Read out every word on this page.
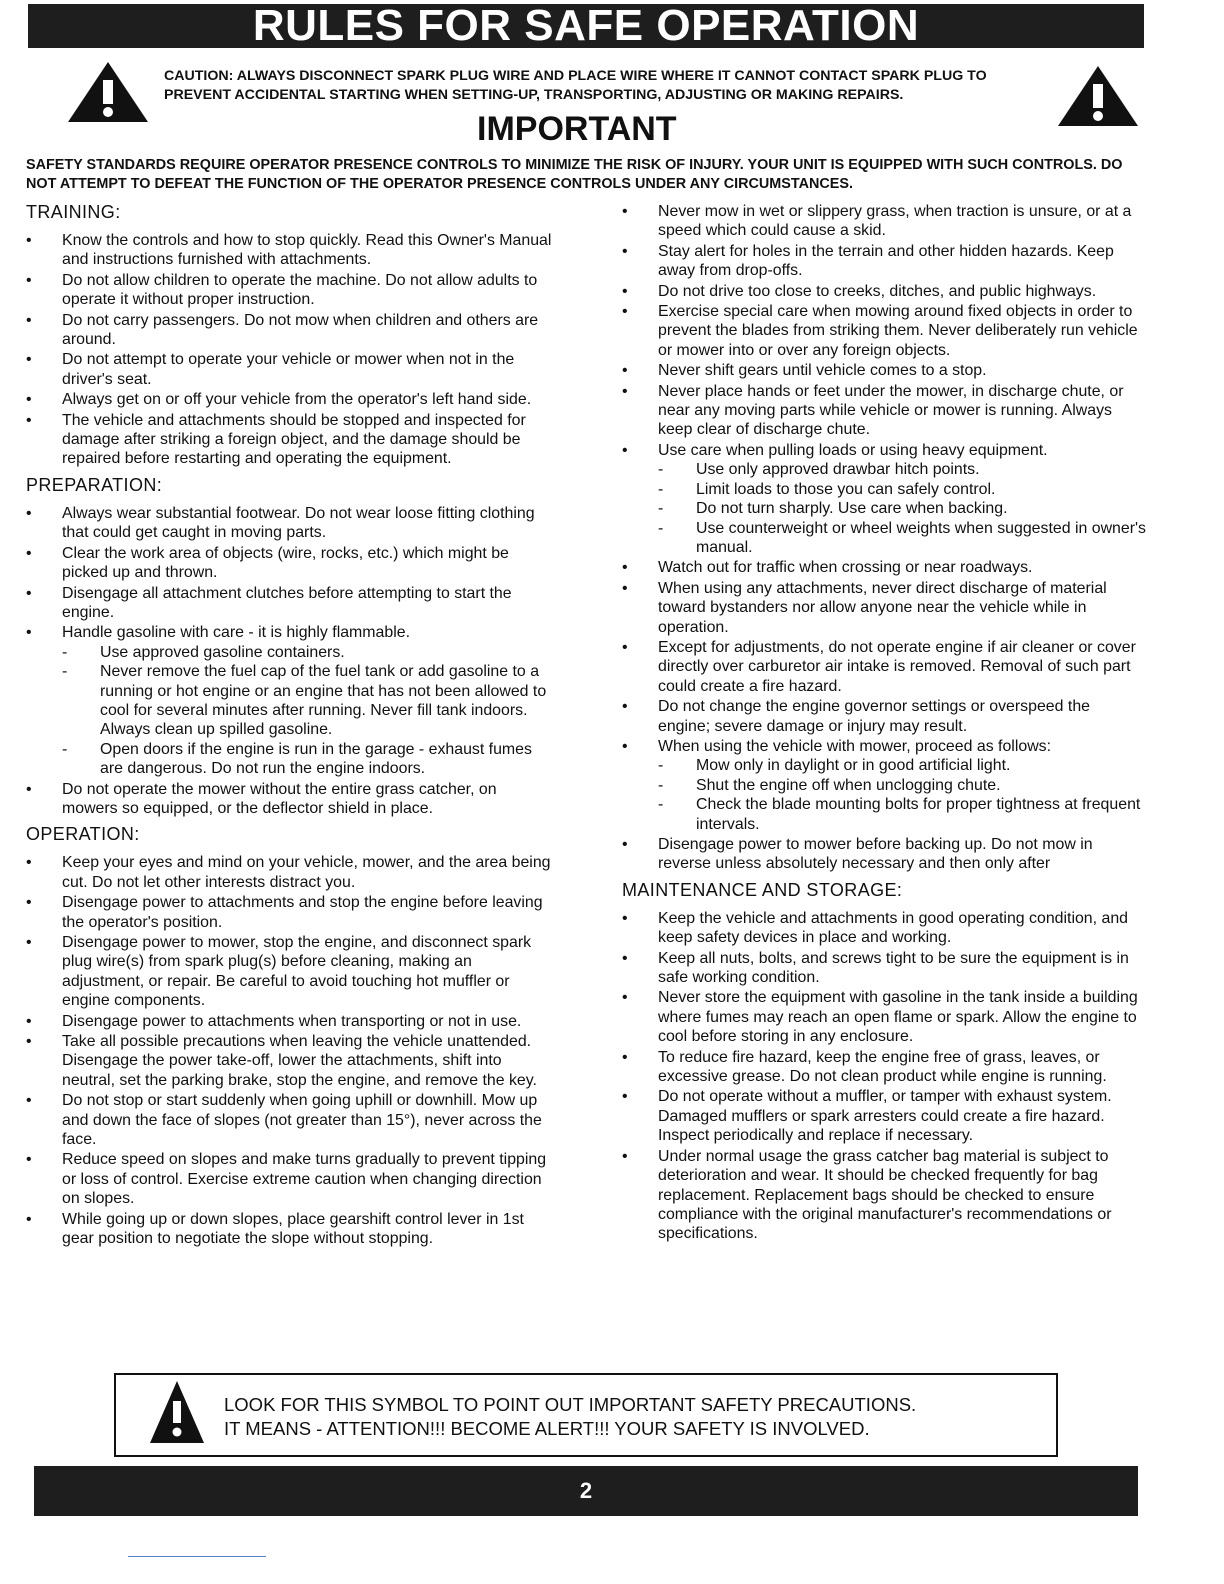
RULES FOR SAFE OPERATION
CAUTION: ALWAYS DISCONNECT SPARK PLUG WIRE AND PLACE WIRE WHERE IT CANNOT CONTACT SPARK PLUG TO PREVENT ACCIDENTAL STARTING WHEN SETTING-UP, TRANSPORTING, ADJUSTING OR MAKING REPAIRS.
IMPORTANT
SAFETY STANDARDS REQUIRE OPERATOR PRESENCE CONTROLS TO MINIMIZE THE RISK OF INJURY. YOUR UNIT IS EQUIPPED WITH SUCH CONTROLS. DO NOT ATTEMPT TO DEFEAT THE FUNCTION OF THE OPERATOR PRESENCE CONTROLS UNDER ANY CIRCUMSTANCES.
TRAINING:
• Know the controls and how to stop quickly. Read this Owner's Manual and instructions furnished with attachments.
• Do not allow children to operate the machine. Do not allow adults to operate it without proper instruction.
• Do not carry passengers. Do not mow when children and others are around.
• Do not attempt to operate your vehicle or mower when not in the driver's seat.
• Always get on or off your vehicle from the operator's left hand side.
• The vehicle and attachments should be stopped and inspected for damage after striking a foreign object, and the damage should be repaired before restarting and operating the equipment.
PREPARATION:
• Always wear substantial footwear. Do not wear loose fitting clothing that could get caught in moving parts.
• Clear the work area of objects (wire, rocks, etc.) which might be picked up and thrown.
• Disengage all attachment clutches before attempting to start the engine.
• Handle gasoline with care - it is highly flammable.
- Use approved gasoline containers.
- Never remove the fuel cap of the fuel tank or add gasoline to a running or hot engine or an engine that has not been allowed to cool for several minutes after running. Never fill tank indoors. Always clean up spilled gasoline.
- Open doors if the engine is run in the garage - exhaust fumes are dangerous. Do not run the engine indoors.
• Do not operate the mower without the entire grass catcher, on mowers so equipped, or the deflector shield in place.
OPERATION:
• Keep your eyes and mind on your vehicle, mower, and the area being cut. Do not let other interests distract you.
• Disengage power to attachments and stop the engine before leaving the operator's position.
• Disengage power to mower, stop the engine, and disconnect spark plug wire(s) from spark plug(s) before cleaning, making an adjustment, or repair. Be careful to avoid touching hot muffler or engine components.
• Disengage power to attachments when transporting or not in use.
• Take all possible precautions when leaving the vehicle unattended. Disengage the power take-off, lower the attachments, shift into neutral, set the parking brake, stop the engine, and remove the key.
• Do not stop or start suddenly when going uphill or downhill. Mow up and down the face of slopes (not greater than 15°), never across the face.
• Reduce speed on slopes and make turns gradually to prevent tipping or loss of control. Exercise extreme caution when changing direction on slopes.
• While going up or down slopes, place gearshift control lever in 1st gear position to negotiate the slope without stopping.
• Never mow in wet or slippery grass, when traction is unsure, or at a speed which could cause a skid.
• Stay alert for holes in the terrain and other hidden hazards. Keep away from drop-offs.
• Do not drive too close to creeks, ditches, and public highways.
• Exercise special care when mowing around fixed objects in order to prevent the blades from striking them. Never deliberately run vehicle or mower into or over any foreign objects.
• Never shift gears until vehicle comes to a stop.
• Never place hands or feet under the mower, in discharge chute, or near any moving parts while vehicle or mower is running. Always keep clear of discharge chute.
• Use care when pulling loads or using heavy equipment.
- Use only approved drawbar hitch points.
- Limit loads to those you can safely control.
- Do not turn sharply. Use care when backing.
- Use counterweight or wheel weights when suggested in owner's manual.
• Watch out for traffic when crossing or near roadways.
• When using any attachments, never direct discharge of material toward bystanders nor allow anyone near the vehicle while in operation.
• Except for adjustments, do not operate engine if air cleaner or cover directly over carburetor air intake is removed. Removal of such part could create a fire hazard.
• Do not change the engine governor settings or overspeed the engine; severe damage or injury may result.
• When using the vehicle with mower, proceed as follows:
- Mow only in daylight or in good artificial light.
- Shut the engine off when unclogging chute.
- Check the blade mounting bolts for proper tightness at frequent intervals.
• Disengage power to mower before backing up. Do not mow in reverse unless absolutely necessary and then only after
MAINTENANCE AND STORAGE:
• Keep the vehicle and attachments in good operating condition, and keep safety devices in place and working.
• Keep all nuts, bolts, and screws tight to be sure the equipment is in safe working condition.
• Never store the equipment with gasoline in the tank inside a building where fumes may reach an open flame or spark. Allow the engine to cool before storing in any enclosure.
• To reduce fire hazard, keep the engine free of grass, leaves, or excessive grease. Do not clean product while engine is running.
• Do not operate without a muffler, or tamper with exhaust system. Damaged mufflers or spark arresters could create a fire hazard. Inspect periodically and replace if necessary.
• Under normal usage the grass catcher bag material is subject to deterioration and wear. It should be checked frequently for bag replacement. Replacement bags should be checked to ensure compliance with the original manufacturer's recommendations or specifications.
LOOK FOR THIS SYMBOL TO POINT OUT IMPORTANT SAFETY PRECAUTIONS.
IT MEANS - ATTENTION!!! BECOME ALERT!!! YOUR SAFETY IS INVOLVED.
2
